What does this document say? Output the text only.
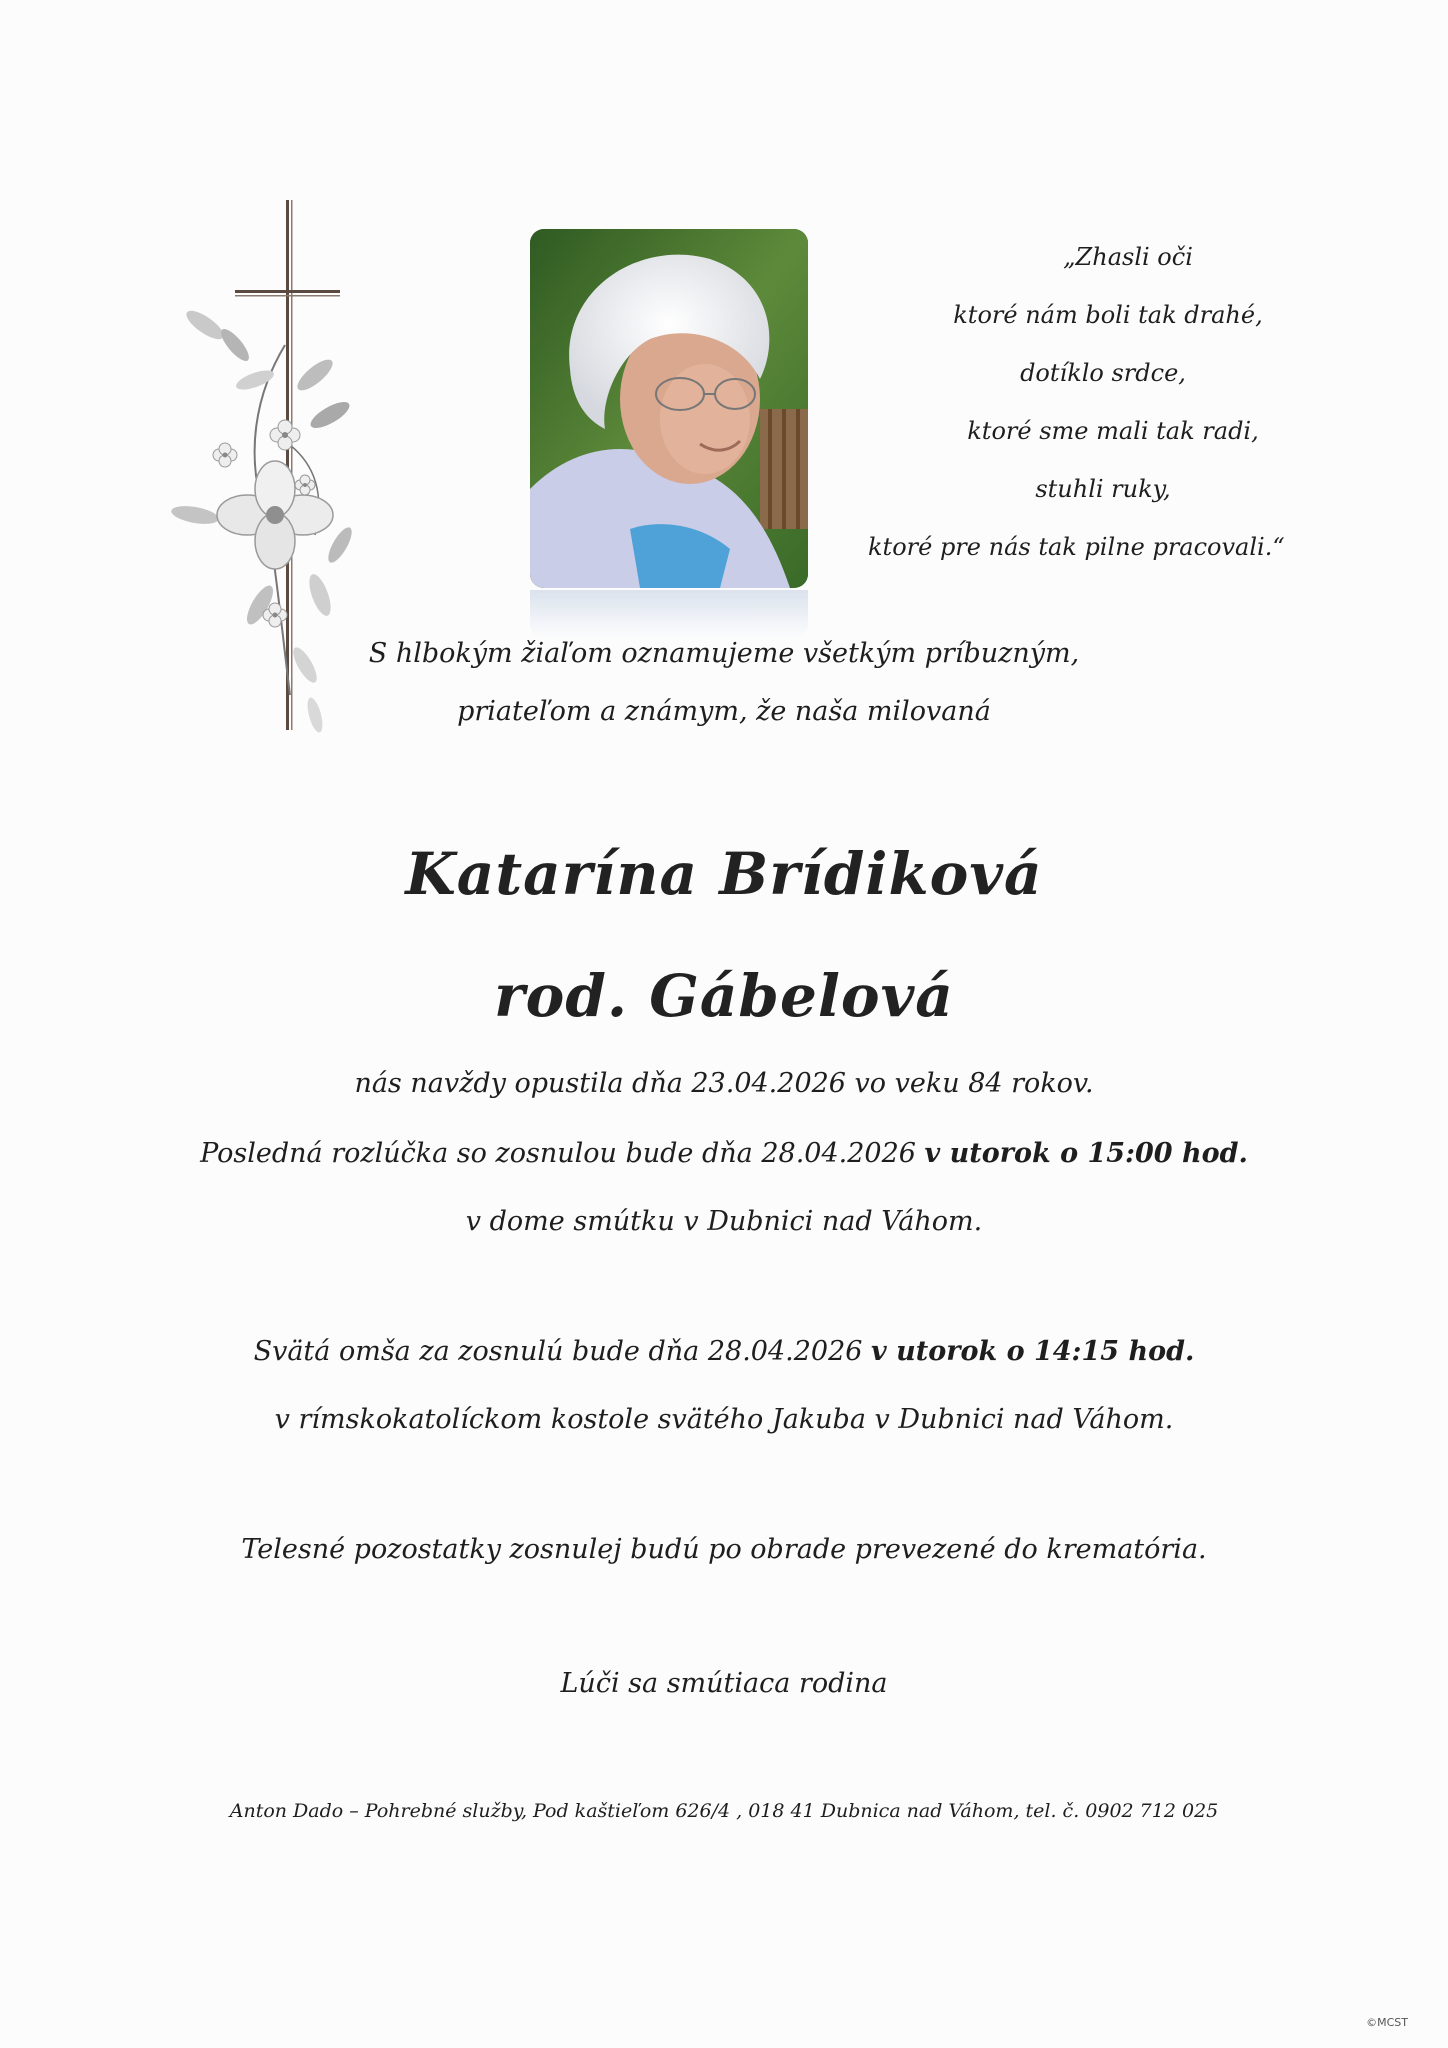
„Zhasli oči
ktoré nám boli tak drahé,
dotíklo srdce,
ktoré sme mali tak radi,
stuhli ruky,
ktoré pre nás tak pilne pracovali.“
S hlbokým žiaľom oznamujeme všetkým príbuzným,
priateľom a známym, že naša milovaná
Katarína Brídiková
rod. Gábelová
nás navždy opustila dňa 23.04.2026 vo veku 84 rokov.
Posledná rozlúčka so zosnulou bude dňa 28.04.2026 v utorok o 15:00 hod.
v dome smútku v Dubnici nad Váhom.
Svätá omša za zosnulú bude dňa 28.04.2026 v utorok o 14:15 hod.
v rímskokatolíckom kostole svätého Jakuba v Dubnici nad Váhom.
Telesné pozostatky zosnulej budú po obrade prevezené do krematória.
Lúči sa smútiaca rodina
Anton Dado – Pohrebné služby, Pod kaštieľom 626/4 , 018 41 Dubnica nad Váhom, tel. č. 0902 712 025
©MCST
